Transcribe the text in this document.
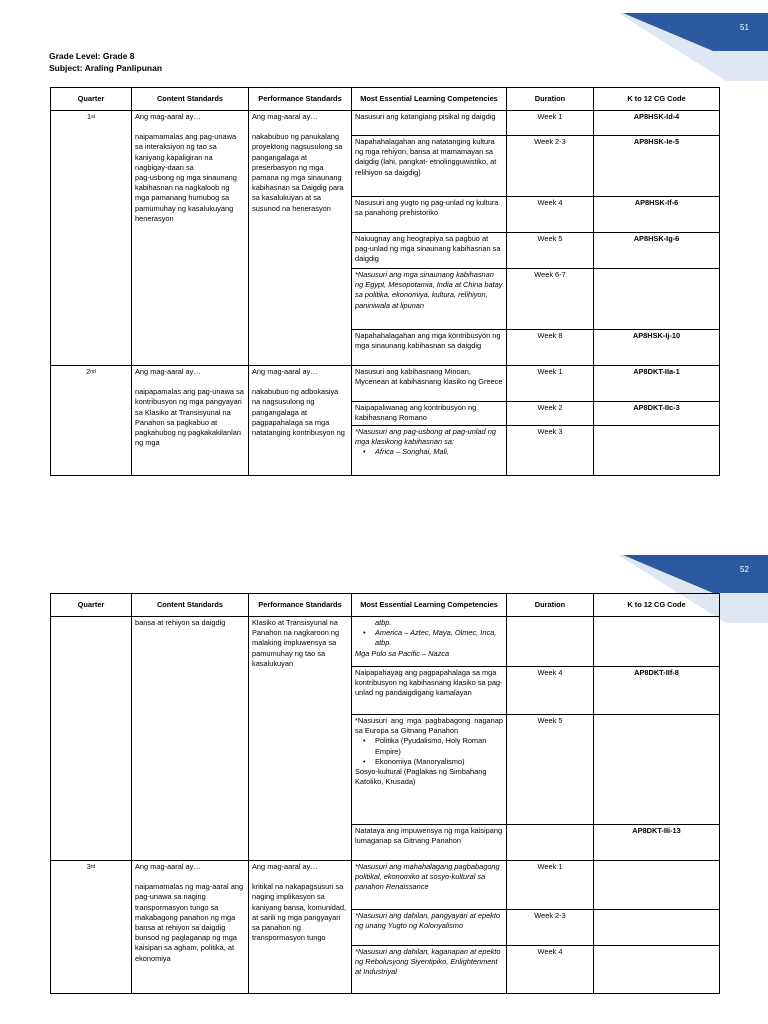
51
Grade Level: Grade 8
Subject: Araling Panlipunan
Quarter	Content Standards	Performance Standards	Most Essential Learning Competencies	Duration	K to 12 CG Code
1st	Ang mag-aaral ay…
naipamamalas ang pag-unawa sa interaksiyon ng tao sa kaniyang kapaligiran na nagbigay-daan sa
pag-usbong ng mga sinaunang kabihasnan na nagkaloob ng mga pamanang humubog sa pamumuhay ng kasalukuyang henerasyon	Ang mag-aaral ay…
nakabubuo ng panukalang proyektong nagsusulong sa pangangalaga at preserbasyon ng mga pamana ng mga sinaunang kabihasnan sa Daigdig para sa kasalukuyan at sa susunod na henerasyon	Nasusuri ang katangiang pisikal ng daigdig	Week 1	AP8HSK-Id-4
			Napahahalagahan ang natatanging kultura ng mga rehiyon, bansa at mamamayan sa daigdig (lahi, pangkat- etnolingguwistiko, at relihiyon sa daigdig)	Week 2-3	AP8HSK-Ie-5
			Nasusuri ang yugto ng pag-unlad ng kultura sa panahong prehistoriko	Week 4	AP8HSK-If-6
			Naiuugnay ang heograpiya sa pagbuo at pag-unlad ng mga sinaunang kabihasnan sa daigdig	Week 5	AP8HSK-Ig-6
			*Nasusuri ang mga sinaunang kabihasnan ng Egypt, Mesopotamia, India at China batay sa politika, ekonomiya, kultura, relihiyon, paniniwala at lipunan	Week 6-7	
			Napahahalagahan ang mga kontribusyon ng mga sinaunang kabihasnan sa daigdig	Week 8	AP8HSK-Ij-10
2nd	Ang mag-aaral ay…
naipapamalas ang pag-unawa sa kontribusyon ng mga pangyayari sa Klasiko at Transisyunal na Panahon sa pagkabuo at pagkahubog ng pagkakakilanlan ng mga	Ang mag-aaral ay…
nakabubuo ng adbokasiya na nagsusulong ng pangangalaga at pagpapahalaga sa mga natatanging kontribusyon ng	Nasusuri ang kabihasnang Minoan, Mycenean at kabihasnang klasiko ng Greece	Week 1	AP8DKT-IIa-1
			Naipapaliwanag ang kontribusyon ng kabihasnang Romano	Week 2	AP8DKT-IIc-3

			*Nasusuri ang pag-usbong at pag-unlad ng mga klasikong kabihasnan sa:
• Africa – Songhai, Mali,	Week 3	
52
Quarter	Content Standards	Performance Standards	Most Essential Learning Competencies	Duration	K to 12 CG Code
	bansa at rehiyon sa daigdig	Klasiko at Transisyunal na Panahon na nagkaroon ng malaking impluwensya sa pamumuhay ng tao sa kasalukuyan	atbp.
• America – Aztec, Maya, Olmec, Inca, atbp.
Mga Pulo sa Pacific – Nazca

			Naipapahayag ang pagpapahalaga sa mga kontribusyon ng kabihasnang klasiko sa pag-unlad ng pandaigdigang kamalayan	Week 4	AP8DKT-IIf-8

			*Nasusuri ang mga pagbabagong naganap sa Europa sa Gitnang Panahon
• Politika (Pyudalismo, Holy Roman Empire)
• Ekonomiya (Manoryalismo)
Sosyo-kultural (Paglakas ng Simbahang Katoliko, Krusada)	Week 5	
			Natataya ang impuwensya ng mga kaisipang lumaganap sa Gitnang Panahon		AP8DKT-IIi-13
3rd	Ang mag-aaral ay…
naipamamalas ng mag-aaral ang pag-unawa sa naging transpormasyon tungo sa makabagong panahon ng mga bansa at rehiyon sa daigdig bunsod ng paglaganap ng mga kaisipan sa agham, politika, at ekonomiya	Ang mag-aaral ay…
kritikal na nakapagsusuri sa naging implikasyon sa kaniyang bansa, komunidad, at sarili ng mga pangyayari sa panahon ng transpormasyon tungo	*Nasusuri ang mahahalagang pagbabagong politikal, ekonomiko at sosyo-kultural sa panahon Renaissance	Week 1	
			*Nasusuri ang dahilan, pangyayari at epekto ng unang Yugto ng Kolonyalismo	Week 2-3	
			*Nasusuri ang dahilan, kaganapan at epekto ng Rebolusyong Siyentipiko, Enlightenment at Industriyal	Week 4	
